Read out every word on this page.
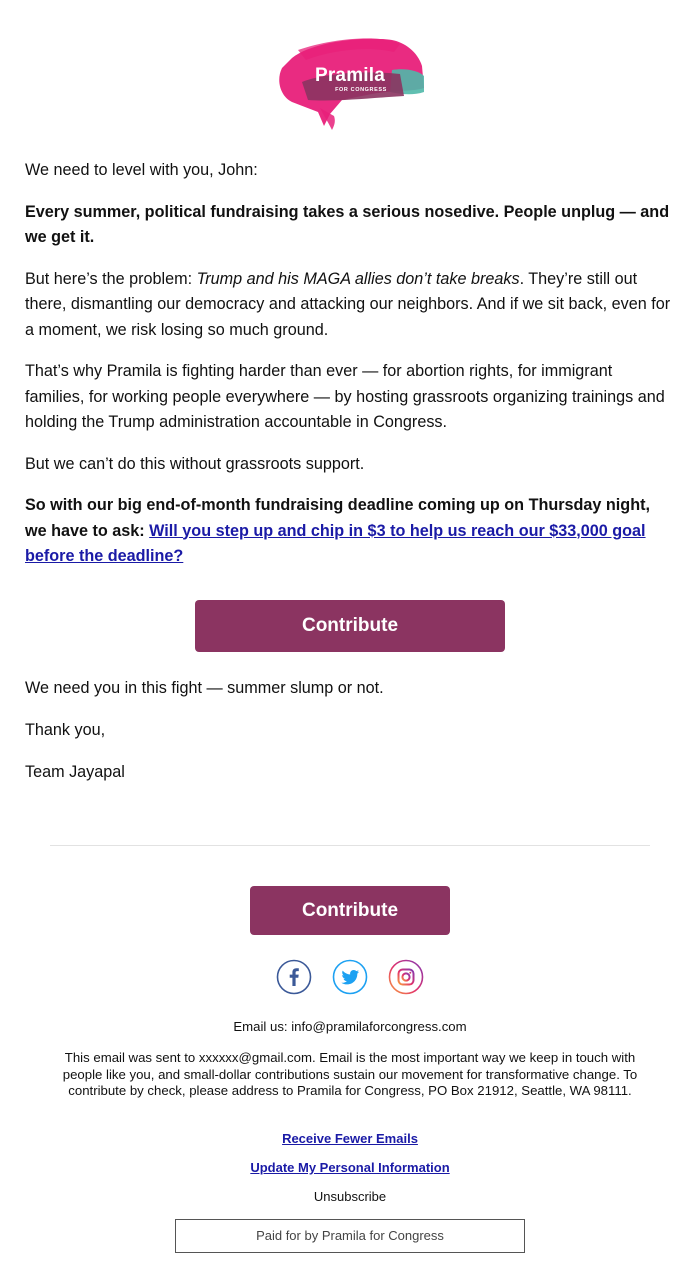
Pramila
FOR CONGRESS

We need to level with you, John:

Every summer, political fundraising takes a serious nosedive. People unplug — and we get it.

But here’s the problem: Trump and his MAGA allies don’t take breaks. They’re still out there, dismantling our democracy and attacking our neighbors. And if we sit back, even for a moment, we risk losing so much ground.

That’s why Pramila is fighting harder than ever — for abortion rights, for immigrant families, for working people everywhere — by hosting grassroots organizing trainings and holding the Trump administration accountable in Congress.

But we can’t do this without grassroots support.

So with our big end-of-month fundraising deadline coming up on Thursday night, we have to ask: Will you step up and chip in $3 to help us reach our $33,000 goal before the deadline?

Contribute

We need you in this fight — summer slump or not.

Thank you,

Team Jayapal

Contribute
Email us: info@pramilaforcongress.com
This email was sent to xxxxxx@gmail.com. Email is the most important way we keep in touch with people like you, and small-dollar contributions sustain our movement for transformative change. To contribute by check, please address to Pramila for Congress, PO Box 21912, Seattle, WA 98111.
Receive Fewer Emails
Update My Personal Information
Unsubscribe
Paid for by Pramila for Congress
